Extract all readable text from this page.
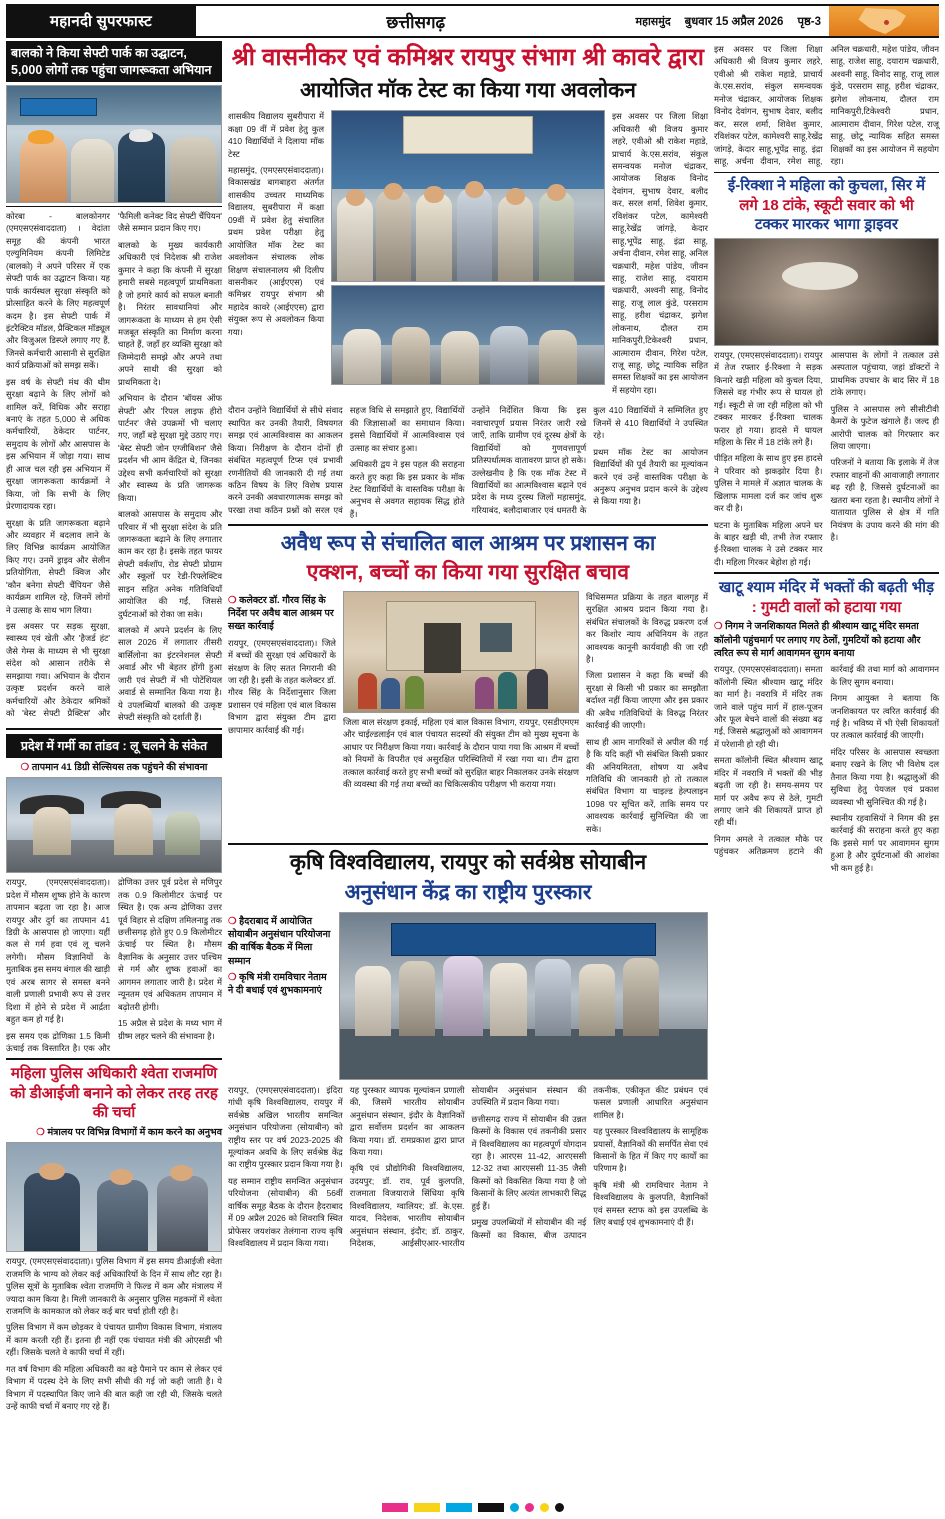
महानदी सुपरफास्ट	छत्तीसगढ़	महासमुंद बुधवार 15 अप्रैल 2026 पृष्ठ-3
बालको ने किया सेफ्टी पार्क का उद्घाटन, 5,000 लोगों तक पहुंचा जागरूकता अभियान

कोरबा - बालकोनगर (एमएसएसंवाददाता) । वेदांता समूह की कंपनी भारत एल्युमिनियम कंपनी लिमिटेड (बालको) ने अपने परिसर में एक सेफ्टी पार्क का उद्घाटन किया। यह पार्क कार्यस्थल सुरक्षा संस्कृति को प्रोत्साहित करने के लिए महत्वपूर्ण कदम है। इस सेफ्टी पार्क में इंटरैक्टिव मॉडल, प्रैक्टिकल मॉड्यूल और विजुअल डिस्प्ले लगाए गए हैं, जिनसे कर्मचारी आसानी से सुरक्षित कार्य प्रक्रियाओं को समझ सकें।

इस वर्ष के सेफ्टी मंथ की थीम सुरक्षा बढ़ाने के लिए लोगों को शामिल करें, विधिक और सराहा बनाएं के तहत 5,000 से अधिक कर्मचारियों, ठेकेदार पार्टनर, समुदाय के लोगों और आसपास के इस अभियान में जोड़ा गया। साथ ही आज चल रही इस अभियान में सुरक्षा जागरूकता कार्यक्रमों ने किया, जो कि सभी के लिए प्रेरणादायक रहा।

सुरक्षा के प्रति जागरूकता बढ़ाने और व्यवहार में बदलाव लाने के लिए विभिन्न कार्यक्रम आयोजित किए गए। उनमें ड्राइव और सेलीन प्रतियोगिता, सेफ्टी क्विज और 'कौन बनेगा सेफ्टी चैंपियन' जैसे कार्यक्रम शामिल रहे, जिनमें लोगों ने उत्साह के साथ भाग लिया।

इस अवसर पर सड़क सुरक्षा, स्वास्थ्य एवं खेती और 'हैजर्ड हंट' जैसे गेम्स के माध्यम से भी सुरक्षा संदेश को आसान तरीके से समझाया गया। अभियान के दौरान उत्कृष्ट प्रदर्शन करने वाले कर्मचारियों और ठेकेदार श्रमिकों को 'बेस्ट सेफ्टी प्रैक्टिस' और 'फैमिली कनेक्ट विद सेफ्टी चैंपियन' जैसे सम्मान प्रदान किए गए।

बालको के मुख्य कार्यकारी अधिकारी एवं निदेशक श्री राजेश कुमार ने कहा कि कंपनी में सुरक्षा हमारी सबसे महत्वपूर्ण प्राथमिकता है जो हमारे कार्य को सफल बनाती है। निरंतर सावधानियां और जागरूकता के माध्यम से हम ऐसी मजबूत संस्कृति का निर्माण करना चाहते हैं, जहाँ हर व्यक्ति सुरक्षा को जिम्मेदारी समझे और अपने तथा अपने साथी की सुरक्षा को प्राथमिकता दे।

अभियान के दौरान 'बॉयस ऑफ सेफ्टी' और 'रिपल लाइफ हीरो पार्टनर' जैसे उपक्रमों भी चलाए गए, जहाँ बड़े सुरक्षा मुद्दे उठाए गए। 'बेस्ट सेफ्टी जोन एग्जीबिशन' जैसे प्रदर्शन भी आम केंद्रित थे, जिनका उद्देश्य सभी कर्मचारियों को सुरक्षा और स्वास्थ्य के प्रति जागरूक किया।

बालको आसपास के समुदाय और परिवार में भी सुरक्षा संदेश के प्रति जागरूकता बढ़ाने के लिए लगातार काम कर रहा है। इसके तहत फायर सेफ्टी वर्कशॉप, रोड सेफ्टी प्रोग्राम और स्कूलों पर रेडी-रिफ्लेक्टिव साइन सहित अनेक गतिविधियाँ आयोजित की गईं, जिससे दुर्घटनाओं को रोका जा सके।

बालको में अपने प्रदर्शन के लिए साल 2026 में लगातार तीसरी बार्सिलोना का इंटरनेशनल सेफ्टी अवार्ड और भी बेहतर होंगी हुआ जारी एवं सेफ्टी में भी पोटेंशियल अवार्ड से सम्मानित किया गया है। ये उपलब्धियाँ बालको की उत्कृष्ट सेफ्टी संस्कृति को दर्शाती हैं।

प्रदेश में गर्मी का तांडव : लू चलने के संकेत
❍ तापमान 41 डिग्री सेल्सियस तक पहुंचने की संभावना

रायपुर, (एमएसएसंवाददाता)। प्रदेश में मौसम शुष्क होने के कारण तापमान बढ़ता जा रहा है। आज रायपुर और दुर्ग का तापमान 41 डिग्री के आसपास हो जाएगा। यहीं कल से गर्म हवा एवं लू चलने लगेगी। मौसम विज्ञानियों के मुताबिक इस समय बंगाल की खाड़ी एवं अरब सागर से समस्त बनने वाली प्रणाली प्रभावी रूप से उत्तर दिशा में होने से प्रदेश में आर्द्रता बहुत कम हो गई है।

इस समय एक द्रोणिका 1.5 किमी ऊंचाई तक विस्तारित है। एक और द्रोणिका उत्तर पूर्व प्रदेश से मणिपुर तक 0.9 किलोमीटर ऊंचाई पर स्थित है। एक अन्य द्रोणिका उत्तर पूर्व विहार से दक्षिण तमिलनाडु तक छत्तीसगढ़ होते हुए 0.9 किलोमीटर ऊंचाई पर स्थित है। मौसम वैज्ञानिक के अनुसार उत्तर पश्चिम से गर्म और शुष्क हवाओं का आगमन लगातार जारी है। प्रदेश में न्यूनतम एवं अधिकतम तापमान में बढ़ोतरी होगी।

15 अप्रैल से प्रदेश के मध्य भाग में ग्रीष्म लहर चलने की संभावना है।

महिला पुलिस अधिकारी श्वेता राजमणि को डीआईजी बनाने को लेकर तरह तरह की चर्चा
❍ मंत्रालय पर विभिन्न विभागों में काम करने का अनुभव

रायपुर, (एमएसएसंवाददाता)। पुलिस विभाग में इस समय डीआईजी श्वेता राजमणि के भाग्य को लेकर कई अधिकारियों के दिन में साथ लौट रहा है। पुलिस सूत्रों के मुताबिक श्वेता राजमणि ने फिल्ड में कम और मंत्रालय में ज्यादा काम किया है। मिली जानकारी के अनुसार पुलिस महकमों में श्वेता राजमणि के कामकाज को लेकर कई बार चर्चा होती रही है।

पुलिस विभाग में कम छोड़कर वे पंचायत ग्रामीण विकास विभाग, मंत्रालय में काम करती रही हैं। इतना ही नहीं एक पंचायत मंत्री की ओएसडी भी रहीं। जिसके चलते वे काफी चर्चा में रहीं।

गत वर्ष विभाग की महिला अधिकारी का बड़े पैमाने पर काम से लेकर एवं विभाग में पदस्थ देने के लिए सभी सीधी की गई जो कही जाती है। ये विभाग में पदस्थापित किए जाने की बात कही जा रही थी, जिसके चलते उन्हें काफी चर्चा में बनाए गए रहे हैं।

श्री वासनीकर एवं कमिश्नर रायपुर संभाग श्री कावरे द्वारा
आयोजित मॉक टेस्ट का किया गया अवलोकन

शासकीय विद्यालय सुबरीपारा में कक्षा 09 वीं में प्रवेश हेतु कुल 410 विद्यार्थियों ने दिलाया मॉक टेस्ट

महासमुंद, (एमएसएसंवाददाता)। विकासखंड बागबाहरा अंतर्गत शासकीय उच्चतर माध्यमिक विद्यालय, सुबरीपारा में कक्षा 09वीं में प्रवेश हेतु संचालित प्रथम प्रवेश परीक्षा हेतु आयोजित मॉक टेस्ट का अवलोकन संचालक लोक शिक्षण संचालनालय श्री दिलीप वासनीकर (आईएएस) एवं कमिश्नर रायपुर संभाग श्री महादेव कावरे (आईएएस) द्वारा संयुक्त रूप से अवलोकन किया गया।

इस अवसर पर जिला शिक्षा अधिकारी श्री विजय कुमार लहरे, एवीओ श्री राकेश महाडे, प्राचार्य के.एस.सरांव, संकुल समन्वयक मनोज चंद्राकर, आयोजक शिक्षक विनोद देवांगन, सुभाष देवार, बलीद कर, सरल शर्मा, शिवेश कुमार, रविशंकर पटेल, कामेश्वरी साहू,रेखेंद्र जांगड़े, केदार साहू,भूपेंद्र साहू, इंद्रा साहू, अर्चना दीवान, रमेश साहू, अनिल चक्रधारी, महेश पांडेय, जीवन साहू, राजेश साहू, दयाराम चक्रधारी, अश्वनी साहू, विनोद साहू, राजू लाल कुंडे, परसराम साहू, हरीश चंद्राकर, झगेश लोकनाथ, दौलत राम मानिकपुरी,टिकेश्वरी प्रधान, आत्माराम दीवान, गिरेश पटेल, राजू साहू, छोटू न्यायिक सहित समस्त शिक्षकों का इस आयोजन में सहयोग रहा।

दौरान उन्होंने विद्यार्थियों से सीधे संवाद स्थापित कर उनकी तैयारी, विषयगत समझ एवं आत्मविश्वास का आकलन किया। निरीक्षण के दौरान दोनों ही संबंधित महत्वपूर्ण टिप्स एवं प्रभावी रणनीतियों की जानकारी दी गई तथा कठिन विषय के लिए विशेष प्रयास करने उनकी अवधारणात्मक समझ को परखा तथा कठिन प्रश्नों को सरल एवं सहज विधि से समझाते हुए, विद्यार्थियों की जिज्ञासाओं का समाधान किया। इससे विद्यार्थियों में आत्मविश्वास एवं उत्साह का संचार हुआ।

अधिकारी द्वय ने इस पहल की सराहना करते हुए कहा कि इस प्रकार के मॉक टेस्ट विद्यार्थियों के वास्तविक परीक्षा के अनुभव से अवगत सहायक सिद्ध होते हैं।

उन्होंने निर्देशित किया कि इस नवाचारपूर्ण प्रयास निरंतर जारी रखे जाएँ, ताकि ग्रामीण एवं दूरस्थ क्षेत्रों के विद्यार्थियों को गुणवत्तापूर्ण प्रतिस्पर्धात्मक वातावरण प्राप्त हो सके। उल्लेखनीय है कि एक मॉक टेस्ट में विद्यार्थियों का आत्मविश्वास बढ़ाने एवं प्रदेश के मध्य दुरस्थ जिलों महासमुंद, गरियाबंद, बलौदाबाजार एवं धमतरी के कुल 410 विद्यार्थियों ने सम्मिलित हुए जिनमें से 410 विद्यार्थियों ने उपस्थित रहे।

प्रथम मॉक टेस्ट का आयोजन विद्यार्थियों की पूर्व तैयारी का मूल्यांकन करने एवं उन्हें वास्तविक परीक्षा के अनुरूप अनुभव प्रदान करने के उद्देश्य से किया गया है।

अवैध रूप से संचालित बाल आश्रम पर प्रशासन का
एक्शन, बच्चों का किया गया सुरक्षित बचाव
❍ कलेक्टर डॉ. गौरव सिंह के निर्देश पर अवैध बाल आश्रम पर सख्त कार्रवाई

रायपुर, (एमएसएसंवाददाता)। जिले में बच्चों की सुरक्षा एवं अधिकारों के संरक्षण के लिए सतत निगरानी की जा रही है। इसी के तहत कलेक्टर डॉ. गौरव सिंह के निर्देशानुसार जिला प्रशासन एवं महिला एवं बाल विकास विभाग द्वारा संयुक्त टीम द्वारा छापामार कार्रवाई की गई।

जिला बाल संरक्षण इकाई, महिला एवं बाल विकास विभाग, रायपुर, एसडीएमएम और चाईल्डलाईन एवं बाल पंचायत सदस्यों की संयुक्त टीम को मुख्य सूचना के आधार पर निरीक्षण किया गया। कार्रवाई के दौरान पाया गया कि आश्रम में बच्चों को नियमों के विपरीत एवं असुरक्षित परिस्थितियों में रखा गया था। टीम द्वारा तत्काल कार्रवाई करते हुए सभी बच्चों को सुरक्षित बाहर निकालकर उनके संरक्षण की व्यवस्था की गई तथा बच्चों का चिकित्सकीय परीक्षण भी कराया गया।

विधिसम्मत प्रक्रिया के तहत बालगृह में सुरक्षित आश्रय प्रदान किया गया है। संबंधित संचालकों के विरुद्ध प्रकरण दर्ज कर किशोर न्याय अधिनियम के तहत आवश्यक कानूनी कार्यवाही की जा रही है।

जिला प्रशासन ने कहा कि बच्चों की सुरक्षा से किसी भी प्रकार का समझौता बर्दाश्त नहीं किया जाएगा और इस प्रकार की अवैध गतिविधियों के विरुद्ध निरंतर कार्रवाई की जाएगी।

साथ ही आम नागरिकों से अपील की गई है कि यदि कहीं भी संबंधित किसी प्रकार की अनियमितता, शोषण या अवैध गतिविधि की जानकारी हो तो तत्काल संबंधित विभाग या चाइल्ड हेल्पलाइन 1098 पर सूचित करें, ताकि समय पर आवश्यक कार्रवाई सुनिश्चित की जा सके।

कृषि विश्वविद्यालय, रायपुर को सर्वश्रेष्ठ सोयाबीन
अनुसंधान केंद्र का राष्ट्रीय पुरस्कार
❍ हैदराबाद में आयोजित सोयाबीन अनुसंधान परियोजना की वार्षिक बैठक में मिला सम्मान
❍ कृषि मंत्री रामविचार नेताम ने दी बधाई एवं शुभकामनाएं

रायपुर, (एमएसएसंवाददाता)। इंदिरा गांधी कृषि विश्वविद्यालय, रायपुर में सर्वश्रेष्ठ अखिल भारतीय समन्वित अनुसंधान परियोजना (सोयाबीन) को राष्ट्रीय स्तर पर वर्ष 2023-2025 की मूल्यांकन अवधि के लिए सर्वश्रेष्ठ केंद्र का राष्ट्रीय पुरस्कार प्रदान किया गया है।

यह सम्मान राष्ट्रीय समन्वित अनुसंधान परियोजना (सोयाबीन) की 56वीं वार्षिक समूह बैठक के दौरान हैदराबाद में 09 अप्रैल 2026 को शिवरात्रि स्थित प्रोफेसर जयशंकर तेलंगाना राज्य कृषि विश्वविद्यालय में प्रदान किया गया।

यह पुरस्कार व्यापक मूल्यांकन प्रणाली की, जिसमें भारतीय सोयाबीन अनुसंधान संस्थान, इंदौर के वैज्ञानिकों द्वारा सर्वोत्तम प्रदर्शन का आकलन किया गया। डॉ. रामप्रकाश द्वारा प्राप्त किया गया।

कृषि एवं प्रौद्योगिकी विश्वविद्यालय, उदयपुर; डॉ. राव, पूर्व कुलपति, राजमाता विजयाराजे सिंधिया कृषि विश्वविद्यालय, ग्वालियर; डॉ. के.एस. यादव, निदेशक, भारतीय सोयाबीन अनुसंधान संस्थान, इंदौर; डॉ. ठाकुर, निदेशक, आईसीएआर-भारतीय सोयाबीन अनुसंधान संस्थान की उपस्थिति में प्रदान किया गया।

छत्तीसगढ़ राज्य में सोयाबीन की उन्नत किस्मों के विकास एवं तकनीकी प्रसार में विश्वविद्यालय का महत्वपूर्ण योगदान रहा है। आरएस 11-42, आरएससी 12-32 तथा आरएससी 11-35 जैसी किस्मों को विकसित किया गया है जो किसानों के लिए अत्यंत लाभकारी सिद्ध हुई हैं।

प्रमुख उपलब्धियों में सोयाबीन की नई किस्मों का विकास, बीज उत्पादन तकनीक, एकीकृत कीट प्रबंधन एवं फसल प्रणाली आधारित अनुसंधान शामिल है।

यह पुरस्कार विश्वविद्यालय के सामूहिक प्रयासों, वैज्ञानिकों की समर्पित सेवा एवं किसानों के हित में किए गए कार्यों का परिणाम है।

कृषि मंत्री श्री रामविचार नेताम ने विश्वविद्यालय के कुलपति, वैज्ञानिकों एवं समस्त स्टाफ को इस उपलब्धि के लिए बधाई एवं शुभकामनाएं दी हैं।

इस अवसर पर जिला शिक्षा अधिकारी श्री विजय कुमार लहरे, एवीओ श्री राकेश महाडे, प्राचार्य के.एस.सरांव, संकुल समन्वयक मनोज चंद्राकर, आयोजक शिक्षक विनोद देवांगन, सुभाष देवार, बलीद कर, सरल शर्मा, शिवेश कुमार, रविशंकर पटेल, कामेश्वरी साहू,रेखेंद्र जांगड़े, केदार साहू,भूपेंद्र साहू, इंद्रा साहू, अर्चना दीवान, रमेश साहू, अनिल चक्रधारी, महेश पांडेय, जीवन साहू, राजेश साहू, दयाराम चक्रधारी, अश्वनी साहू, विनोद साहू, राजू लाल कुंडे, परसराम साहू, हरीश चंद्राकर, झगेश लोकनाथ, दौलत राम मानिकपुरी,टिकेश्वरी प्रधान, आत्माराम दीवान, गिरेश पटेल, राजू साहू, छोटू न्यायिक सहित समस्त शिक्षकों का इस आयोजन में सहयोग रहा।

ई-रिक्शा ने महिला को कुचला, सिर में
लगे 18 टांके, स्कूटी सवार को भी
टक्कर मारकर भागा ड्राइवर

रायपुर, (एमएसएसंवाददाता)। रायपुर में तेज रफ्तार ई-रिक्शा ने सड़क किनारे खड़ी महिला को कुचल दिया, जिससे वह गंभीर रूप से घायल हो गई। स्कूटी से जा रही महिला को भी टक्कर मारकर ई-रिक्शा चालक फरार हो गया। हादसे में घायल महिला के सिर में 18 टांके लगे हैं।

पीड़ित महिला के साथ हुए इस हादसे ने परिवार को झकझोर दिया है। पुलिस ने मामले में अज्ञात चालक के खिलाफ मामला दर्ज कर जांच शुरू कर दी है।

घटना के मुताबिक महिला अपने घर के बाहर खड़ी थी, तभी तेज रफ्तार ई-रिक्शा चालक ने उसे टक्कर मार दी। महिला गिरकर बेहोश हो गई।

आसपास के लोगों ने तत्काल उसे अस्पताल पहुंचाया, जहां डॉक्टरों ने प्राथमिक उपचार के बाद सिर में 18 टांके लगाए।

पुलिस ने आसपास लगे सीसीटीवी कैमरों के फुटेज खंगाले हैं। जल्द ही आरोपी चालक को गिरफ्तार कर लिया जाएगा।

परिजनों ने बताया कि इलाके में तेज रफ्तार वाहनों की आवाजाही लगातार बढ़ रही है, जिससे दुर्घटनाओं का खतरा बना रहता है। स्थानीय लोगों ने यातायात पुलिस से क्षेत्र में गति नियंत्रण के उपाय करने की मांग की है।

खाटू श्याम मंदिर में भक्तों की बढ़ती भीड़
: गुमटी वालों को हटाया गया
❍ निगम ने जनशिकायत मिलते ही श्रीश्याम खाटू मंदिर समता कॉलोनी पहुंचमार्ग पर लगाए गए ठेलों, गुमटियों को हटाया और त्वरित रूप से मार्ग आवागमन सुगम बनाया

रायपुर, (एमएसएसंवाददाता)। समता कॉलोनी स्थित श्रीश्याम खाटू मंदिर का मार्ग है। नवरात्रि में मंदिर तक जाने वाले पहुंच मार्ग में हाल-पूजन और फूल बेचने वालों की संख्या बढ़ गई, जिससे श्रद्धालुओं को आवागमन में परेशानी हो रही थी।

समता कॉलोनी स्थित श्रीश्याम खाटू मंदिर में नवरात्रि में भक्तों की भीड़ बढ़ती जा रही है। समय-समय पर मार्ग पर अवैध रूप से ठेले, गुमटी लगाए जाने की शिकायतें प्राप्त हो रही थीं।

निगम अमले ने तत्काल मौके पर पहुंचकर अतिक्रमण हटाने की कार्रवाई की तथा मार्ग को आवागमन के लिए सुगम बनाया।

निगम आयुक्त ने बताया कि जनशिकायत पर त्वरित कार्रवाई की गई है। भविष्य में भी ऐसी शिकायतों पर तत्काल कार्रवाई की जाएगी।

मंदिर परिसर के आसपास स्वच्छता बनाए रखने के लिए भी विशेष दल तैनात किया गया है। श्रद्धालुओं की सुविधा हेतु पेयजल एवं प्रकाश व्यवस्था भी सुनिश्चित की गई है।

स्थानीय रहवासियों ने निगम की इस कार्रवाई की सराहना करते हुए कहा कि इससे मार्ग पर आवागमन सुगम हुआ है और दुर्घटनाओं की आशंका भी कम हुई है।
